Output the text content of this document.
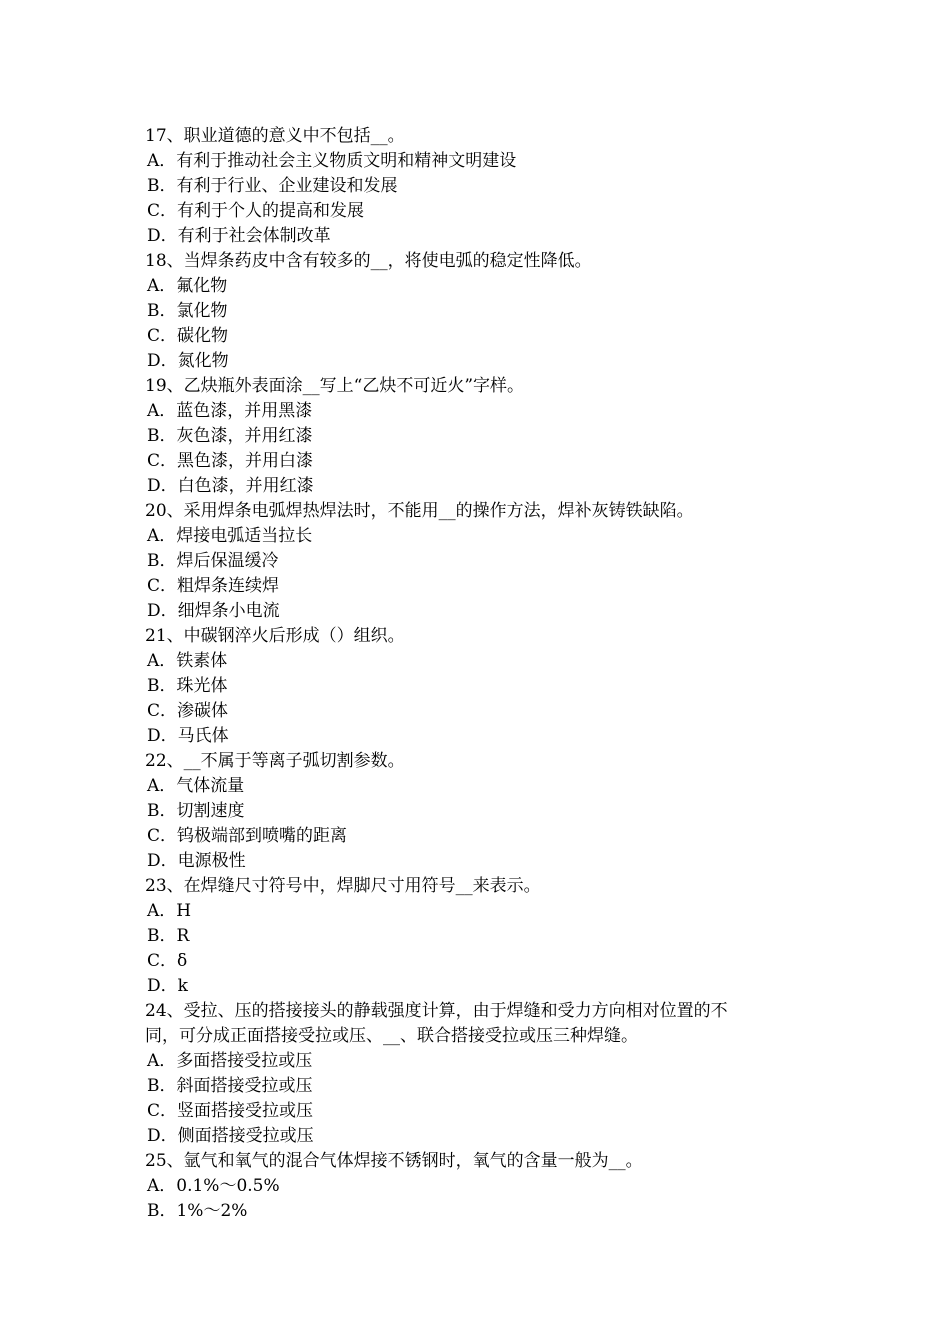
17、职业道德的意义中不包括__。
A．有利于推动社会主义物质文明和精神文明建设
B．有利于行业、企业建设和发展
C．有利于个人的提高和发展
D．有利于社会体制改革
18、当焊条药皮中含有较多的__，将使电弧的稳定性降低。
A．氟化物
B．氯化物
C．碳化物
D．氮化物
19、乙炔瓶外表面涂__写上“乙炔不可近火”字样。
A．蓝色漆，并用黑漆
B．灰色漆，并用红漆
C．黑色漆，并用白漆
D．白色漆，并用红漆
20、采用焊条电弧焊热焊法时，不能用__的操作方法，焊补灰铸铁缺陷。
A．焊接电弧适当拉长
B．焊后保温缓冷
C．粗焊条连续焊
D．细焊条小电流
21、中碳钢淬火后形成（）组织。
A．铁素体
B．珠光体
C．渗碳体
D．马氏体
22、__不属于等离子弧切割参数。
A．气体流量
B．切割速度
C．钨极端部到喷嘴的距离
D．电源极性
23、在焊缝尺寸符号中，焊脚尺寸用符号__来表示。
A．H
B．R
C．δ
D．k
24、受拉、压的搭接接头的静载强度计算，由于焊缝和受力方向相对位置的不
同，可分成正面搭接受拉或压、__、联合搭接受拉或压三种焊缝。
A．多面搭接受拉或压
B．斜面搭接受拉或压
C．竖面搭接受拉或压
D．侧面搭接受拉或压
25、氩气和氧气的混合气体焊接不锈钢时，氧气的含量一般为__。
A．0.1%～0.5%
B．1%～2%
